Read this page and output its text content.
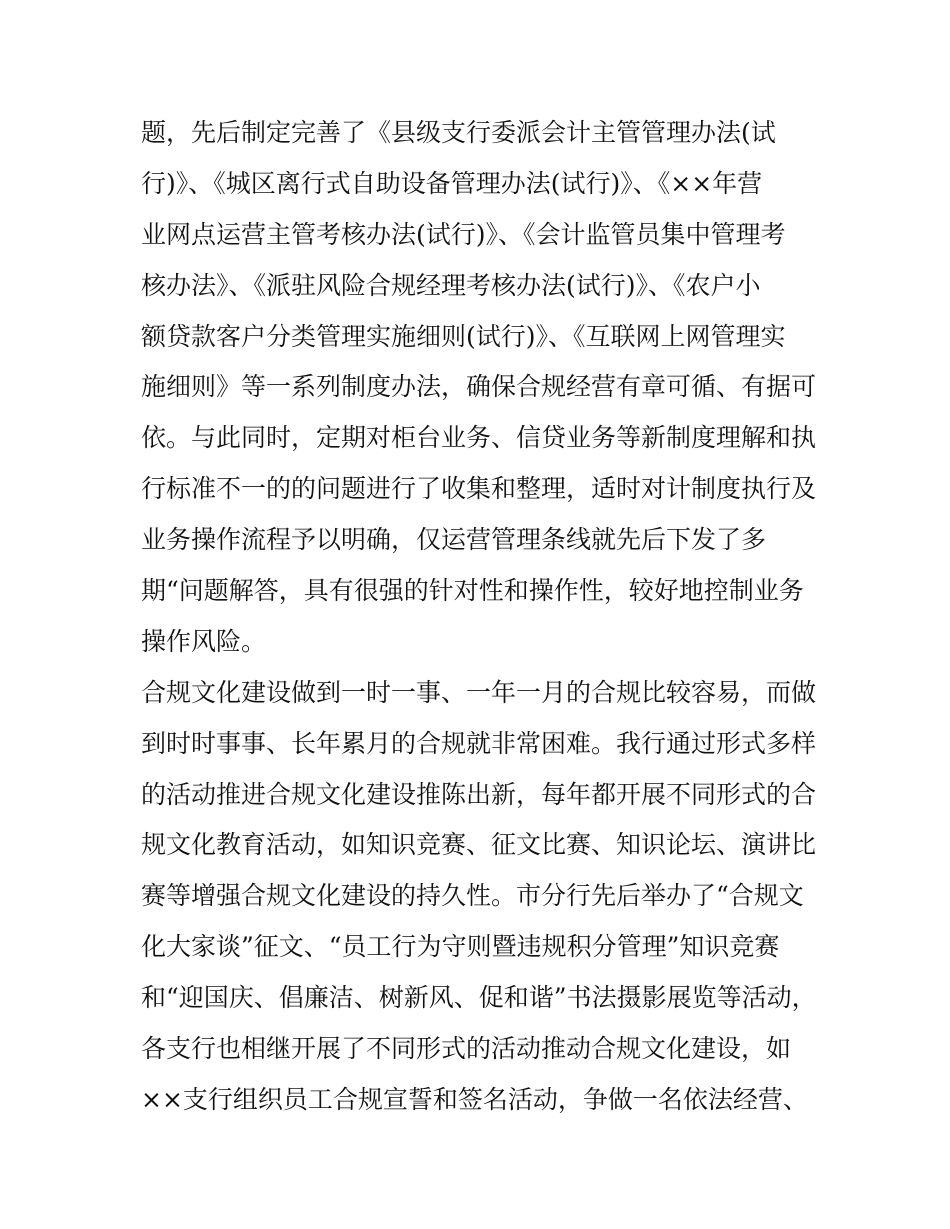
题，先后制定完善了《县级支行委派会计主管管理办法(试
行)》、《城区离行式自助设备管理办法(试行)》、《××年营
业网点运营主管考核办法(试行)》、《会计监管员集中管理考
核办法》、《派驻风险合规经理考核办法(试行)》、《农户小
额贷款客户分类管理实施细则(试行)》、《互联网上网管理实
施细则》等一系列制度办法，确保合规经营有章可循、有据可
依。与此同时，定期对柜台业务、信贷业务等新制度理解和执
行标准不一的的问题进行了收集和整理，适时对计制度执行及
业务操作流程予以明确，仅运营管理条线就先后下发了多
期“问题解答，具有很强的针对性和操作性，较好地控制业务
操作风险。
合规文化建设做到一时一事、一年一月的合规比较容易，而做
到时时事事、长年累月的合规就非常困难。我行通过形式多样
的活动推进合规文化建设推陈出新，每年都开展不同形式的合
规文化教育活动，如知识竞赛、征文比赛、知识论坛、演讲比
赛等增强合规文化建设的持久性。市分行先后举办了“合规文
化大家谈”征文、“员工行为守则暨违规积分管理”知识竞赛
和“迎国庆、倡廉洁、树新风、促和谐”书法摄影展览等活动，
各支行也相继开展了不同形式的活动推动合规文化建设，如
××支行组织员工合规宣誓和签名活动，争做一名依法经营、
